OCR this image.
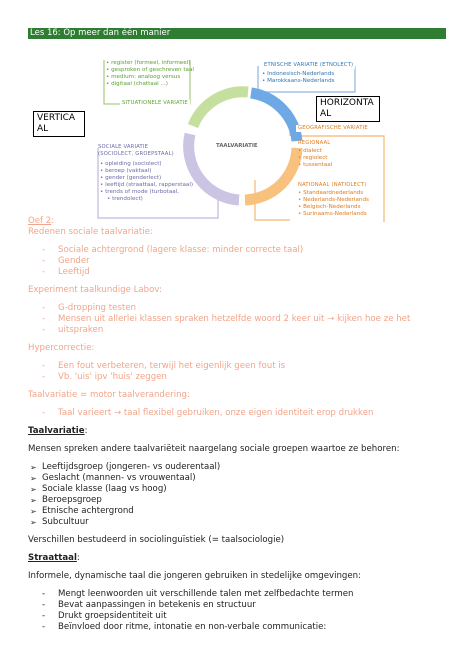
Les 16: Op meer dan één manier
VERTICA
AL
HORIZONTA
AL
TAALVARIATIE
• register (formeel, informeel)
• gesproken of geschreven taal
• medium: analoog versus
• digitaal (chattaal ...)
SITUATIONELE VARIATIE
ETNISCHE VARIATIE (ETNOLECT)
• Indonesisch-Nederlands
• Marokkaans-Nederlands
SOCIALE VARIATIE
(SOCIOLECT, GROEPSTAAL)
• opleiding (sociolect)
• beroep (vaktaal)
• gender (genderlect)
• leeftijd (straattaal, rapperstaal)
• trends of mode (turbotaal,
• trendolect)
GEOGRAFISCHE VARIATIE
REGIONAAL
• dialect
• regiolect
• tussentaal
NATIONAAL (NATIOLECT)
• Standaardnederlands
• Nederlands-Nederlands
• Belgisch-Nederlands
• Surinaams-Nederlands

Oef 2:

Redenen sociale taalvariatie:

- Sociale achtergrond (lagere klasse: minder correcte taal)
- Gender
- Leeftijd

Experiment taalkundige Labov:

- G-dropping testen
- Mensen uit allerlei klassen spraken hetzelfde woord 2 keer uit → kijken hoe ze het
- uitspraken

Hypercorrectie:

- Een fout verbeteren, terwijl het eigenlijk geen fout is
- Vb. 'uis' ipv 'huis' zeggen

Taalvariatie = motor taalverandering:

- Taal varieert → taal flexibel gebruiken, onze eigen identiteit erop drukken

Taalvariatie:

Mensen spreken andere taalvariëteit naargelang sociale groepen waartoe ze behoren:

➢ Leeftijdsgroep (jongeren- vs ouderentaal)
➢ Geslacht (mannen- vs vrouwentaal)
➢ Sociale klasse (laag vs hoog)
➢ Beroepsgroep
➢ Etnische achtergrond
➢ Subcultuur

Verschillen bestudeerd in sociolinguïstiek (= taalsociologie)

Straattaal:

Informele, dynamische taal die jongeren gebruiken in stedelijke omgevingen:

- Mengt leenwoorden uit verschillende talen met zelfbedachte termen
- Bevat aanpassingen in betekenis en structuur
- Drukt groepsidentiteit uit
- Beïnvloed door ritme, intonatie en non-verbale communicatie:
